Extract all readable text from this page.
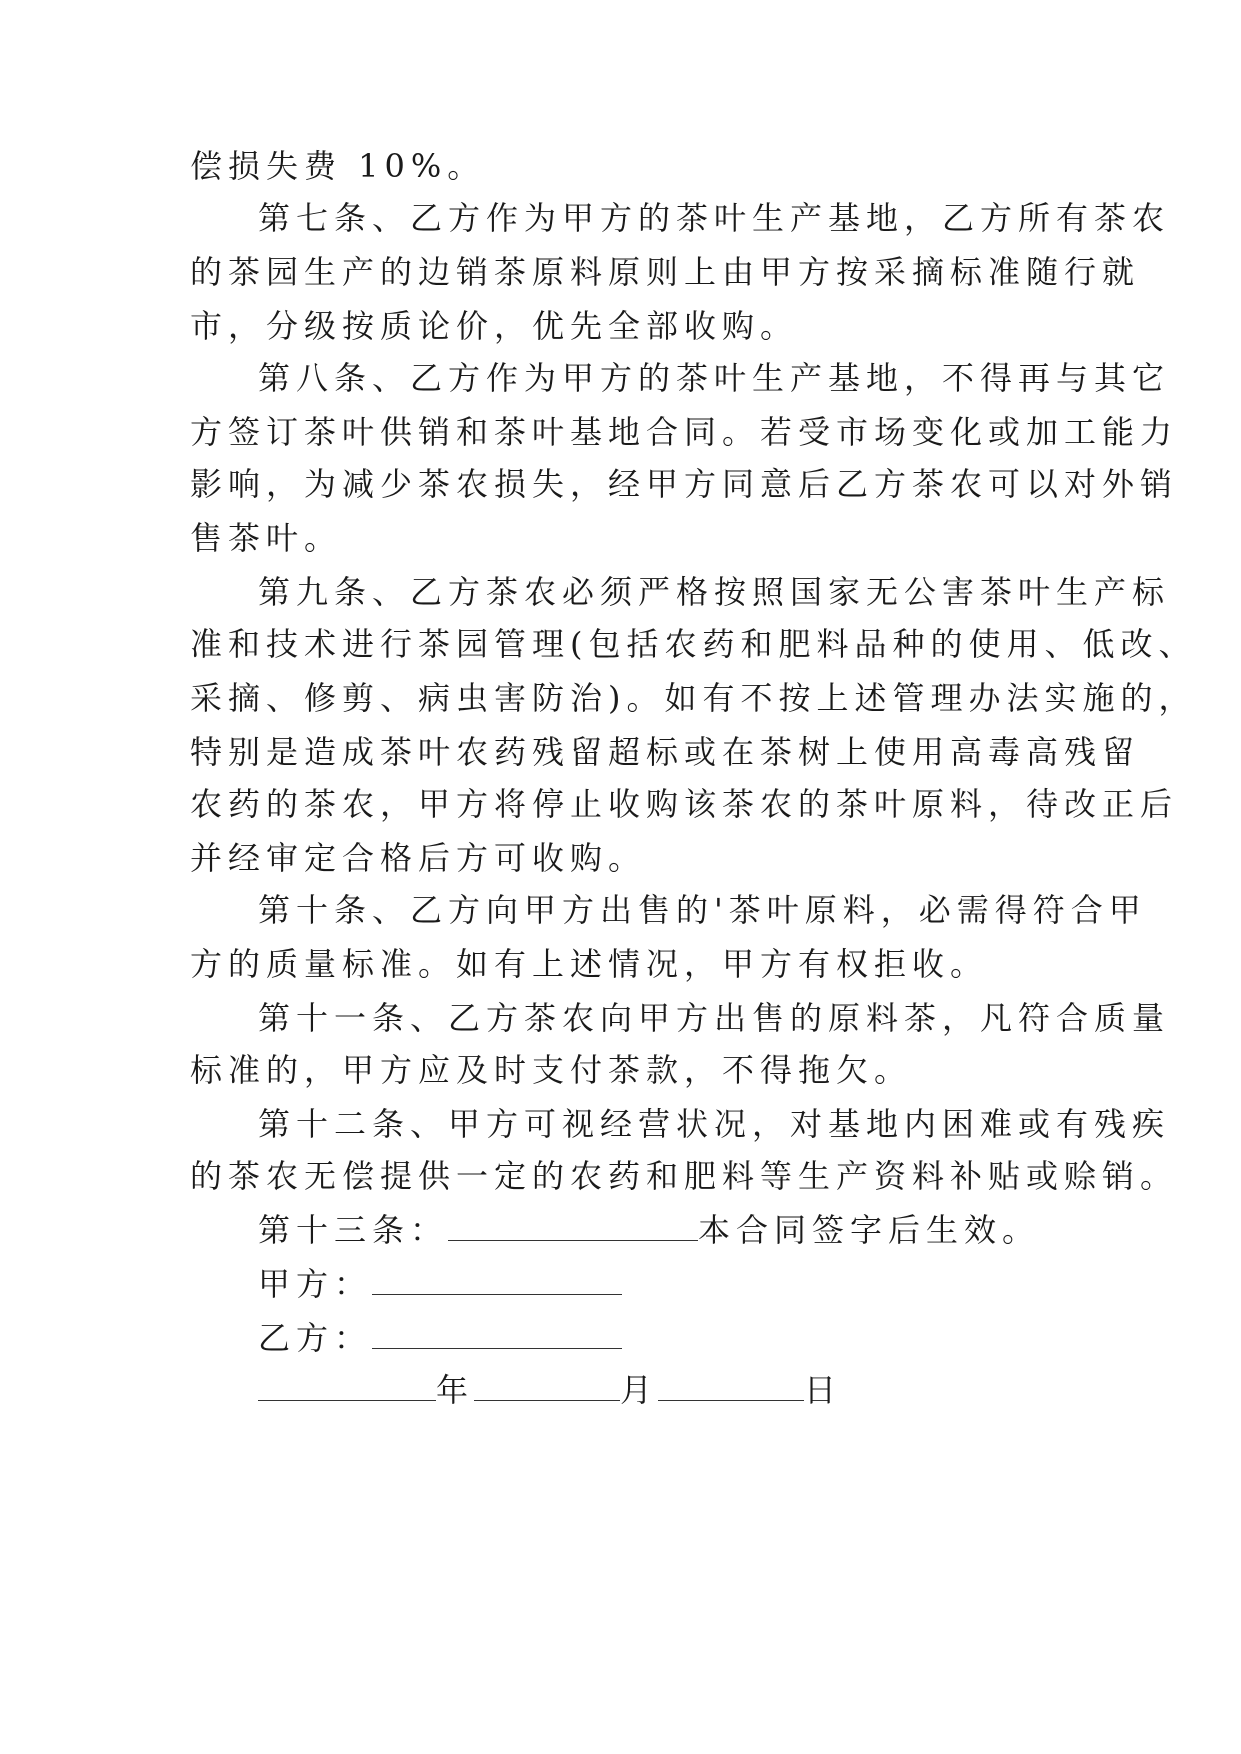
偿损失费 10%。
第七条、乙方作为甲方的茶叶生产基地，乙方所有茶农
的茶园生产的边销茶原料原则上由甲方按采摘标准随行就
市，分级按质论价，优先全部收购。
第八条、乙方作为甲方的茶叶生产基地，不得再与其它
方签订茶叶供销和茶叶基地合同。若受市场变化或加工能力
影响，为减少茶农损失，经甲方同意后乙方茶农可以对外销
售茶叶。
第九条、乙方茶农必须严格按照国家无公害茶叶生产标
准和技术进行茶园管理(包括农药和肥料品种的使用、低改、
采摘、修剪、病虫害防治)。如有不按上述管理办法实施的，
特别是造成茶叶农药残留超标或在茶树上使用高毒高残留
农药的茶农，甲方将停止收购该茶农的茶叶原料，待改正后
并经审定合格后方可收购。
第十条、乙方向甲方出售的'茶叶原料，必需得符合甲
方的质量标准。如有上述情况，甲方有权拒收。
第十一条、乙方茶农向甲方出售的原料茶，凡符合质量
标准的，甲方应及时支付茶款，不得拖欠。
第十二条、甲方可视经营状况，对基地内困难或有残疾
的茶农无偿提供一定的农药和肥料等生产资料补贴或赊销。
第十三条：	本合同签字后生效。
甲方：
乙方：
年	月	日
